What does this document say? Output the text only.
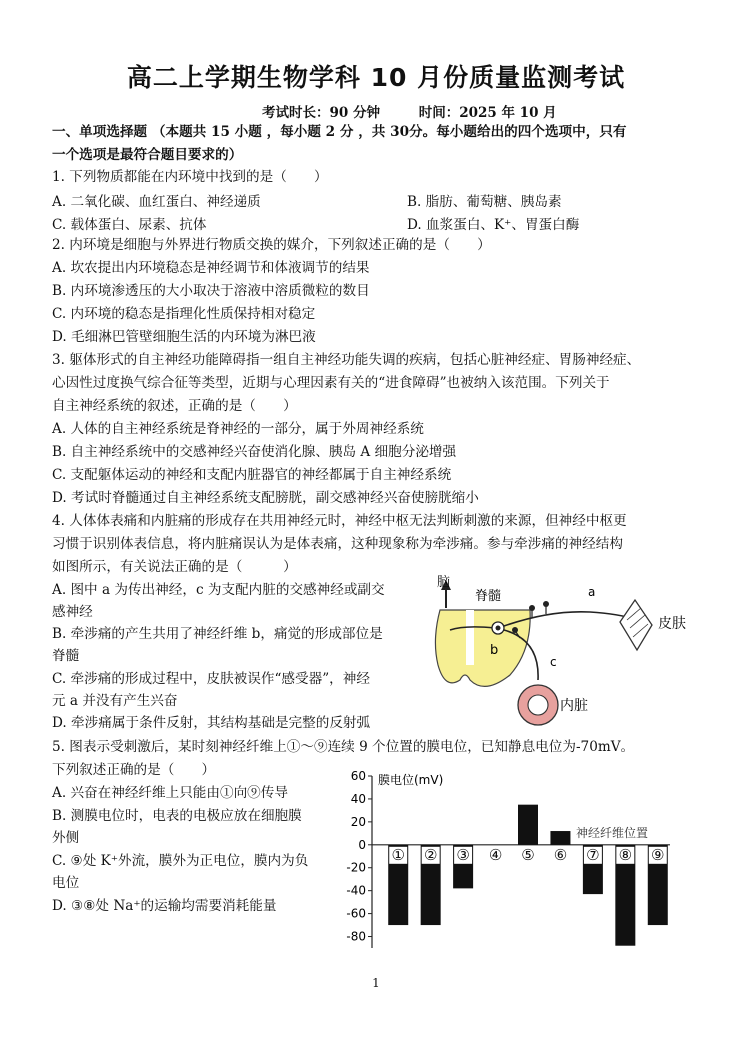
高二上学期生物学科 10 月份质量监测考试
考试时长：90 分钟	时间：2025 年 10 月
一、单项选择题 （本题共 15 小题 ，每小题 2 分 ，共 30分。每小题给出的四个选项中，只有
一个选项是最符合题目要求的）
1. 下列物质都能在内环境中找到的是（　　）
A. 二氧化碳、血红蛋白、神经递质	B. 脂肪、葡萄糖、胰岛素
C. 载体蛋白、尿素、抗体	D. 血浆蛋白、K⁺、胃蛋白酶
2. 内环境是细胞与外界进行物质交换的媒介，下列叙述正确的是（　　）
A. 坎农提出内环境稳态是神经调节和体液调节的结果
B. 内环境渗透压的大小取决于溶液中溶质微粒的数目
C. 内环境的稳态是指理化性质保持相对稳定
D. 毛细淋巴管壁细胞生活的内环境为淋巴液
3. 躯体形式的自主神经功能障碍指一组自主神经功能失调的疾病，包括心脏神经症、胃肠神经症、
心因性过度换气综合征等类型，近期与心理因素有关的“进食障碍”也被纳入该范围。下列关于
自主神经系统的叙述，正确的是（　　）
A. 人体的自主神经系统是脊神经的一部分，属于外周神经系统
B. 自主神经系统中的交感神经兴奋使消化腺、胰岛 A 细胞分泌增强
C. 支配躯体运动的神经和支配内脏器官的神经都属于自主神经系统
D. 考试时脊髓通过自主神经系统支配膀胱，副交感神经兴奋使膀胱缩小
4. 人体体表痛和内脏痛的形成存在共用神经元时，神经中枢无法判断刺激的来源，但神经中枢更
习惯于识别体表信息，将内脏痛误认为是体表痛，这种现象称为牵涉痛。参与牵涉痛的神经结构
如图所示，有关说法正确的是（　　　）
A. 图中 a 为传出神经，c 为支配内脏的交感神经或副交
感神经
B. 牵涉痛的产生共用了神经纤维 b，痛觉的形成部位是
脊髓
C. 牵涉痛的形成过程中，皮肤被误作“感受器”，神经
元 a 并没有产生兴奋
D. 牵涉痛属于条件反射，其结构基础是完整的反射弧
脑
脊髓
b
a
皮肤
c
内脏
5. 图表示受刺激后，某时刻神经纤维上①～⑨连续 9 个位置的膜电位，已知静息电位为-70mV。
下列叙述正确的是（　　）
A. 兴奋在神经纤维上只能由①向⑨传导
B. 测膜电位时，电表的电极应放在细胞膜
外侧
C. ⑨处 K⁺外流，膜外为正电位，膜内为负
电位
D. ③⑧处 Na⁺的运输均需要消耗能量
膜电位(mV)
神经纤维位置
60
40
20
0
-20
-40
-60
-80
① ② ③ ④ ⑤ ⑥ ⑦ ⑧ ⑨
1
